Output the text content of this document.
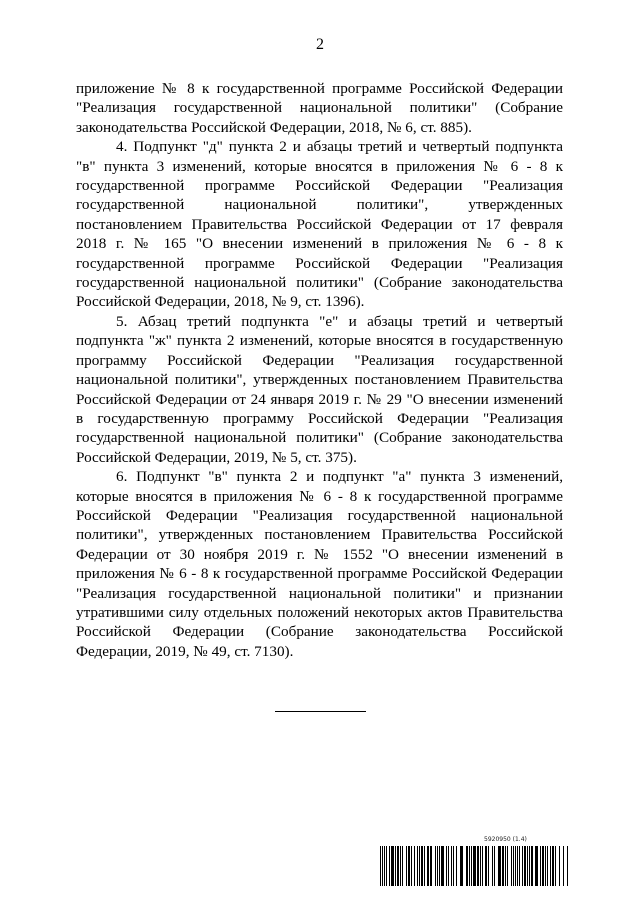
2

приложение № 8 к государственной программе Российской Федерации "Реализация государственной национальной политики" (Собрание законодательства Российской Федерации, 2018, № 6, ст. 885).

4. Подпункт "д" пункта 2 и абзацы третий и четвертый подпункта "в" пункта 3 изменений, которые вносятся в приложения № 6 - 8 к государственной программе Российской Федерации "Реализация государственной национальной политики", утвержденных постановлением Правительства Российской Федерации от 17 февраля 2018 г. № 165 "О внесении изменений в приложения № 6 - 8 к государственной программе Российской Федерации "Реализация государственной национальной политики" (Собрание законодательства Российской Федерации, 2018, № 9, ст. 1396).

5. Абзац третий подпункта "е" и абзацы третий и четвертый подпункта "ж" пункта 2 изменений, которые вносятся в государственную программу Российской Федерации "Реализация государственной национальной политики", утвержденных постановлением Правительства Российской Федерации от 24 января 2019 г. № 29 "О внесении изменений в государственную программу Российской Федерации "Реализация государственной национальной политики" (Собрание законодательства Российской Федерации, 2019, № 5, ст. 375).

6. Подпункт "в" пункта 2 и подпункт "а" пункта 3 изменений, которые вносятся в приложения № 6 - 8 к государственной программе Российской Федерации "Реализация государственной национальной политики", утвержденных постановлением Правительства Российской Федерации от 30 ноября 2019 г. № 1552 "О внесении изменений в приложения № 6 - 8 к государственной программе Российской Федерации "Реализация государственной национальной политики" и признании утратившими силу отдельных положений некоторых актов Правительства Российской Федерации (Собрание законодательства Российской Федерации, 2019, № 49, ст. 7130).

5920950 (1.4)
